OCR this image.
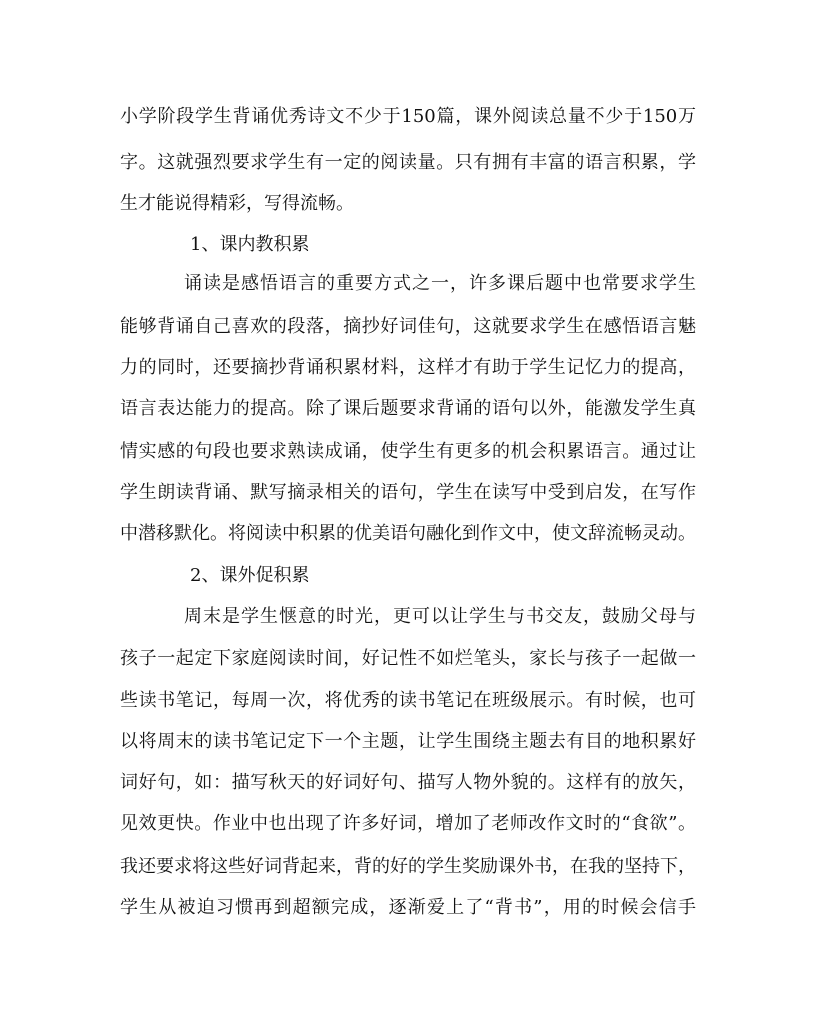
小学阶段学生背诵优秀诗文不少于150篇，课外阅读总量不少于150万
字。这就强烈要求学生有一定的阅读量。只有拥有丰富的语言积累，学
生才能说得精彩，写得流畅。
1、课内教积累
诵读是感悟语言的重要方式之一，许多课后题中也常要求学生
能够背诵自己喜欢的段落，摘抄好词佳句，这就要求学生在感悟语言魅
力的同时，还要摘抄背诵积累材料，这样才有助于学生记忆力的提高，
语言表达能力的提高。除了课后题要求背诵的语句以外，能激发学生真
情实感的句段也要求熟读成诵，使学生有更多的机会积累语言。通过让
学生朗读背诵、默写摘录相关的语句，学生在读写中受到启发，在写作
中潜移默化。将阅读中积累的优美语句融化到作文中，使文辞流畅灵动。
2、课外促积累
周末是学生惬意的时光，更可以让学生与书交友，鼓励父母与
孩子一起定下家庭阅读时间，好记性不如烂笔头，家长与孩子一起做一
些读书笔记，每周一次，将优秀的读书笔记在班级展示。有时候，也可
以将周末的读书笔记定下一个主题，让学生围绕主题去有目的地积累好
词好句，如：描写秋天的好词好句、描写人物外貌的。这样有的放矢，
见效更快。作业中也出现了许多好词，增加了老师改作文时的“食欲”。
我还要求将这些好词背起来，背的好的学生奖励课外书，在我的坚持下，
学生从被迫习惯再到超额完成，逐渐爱上了“背书”，用的时候会信手
